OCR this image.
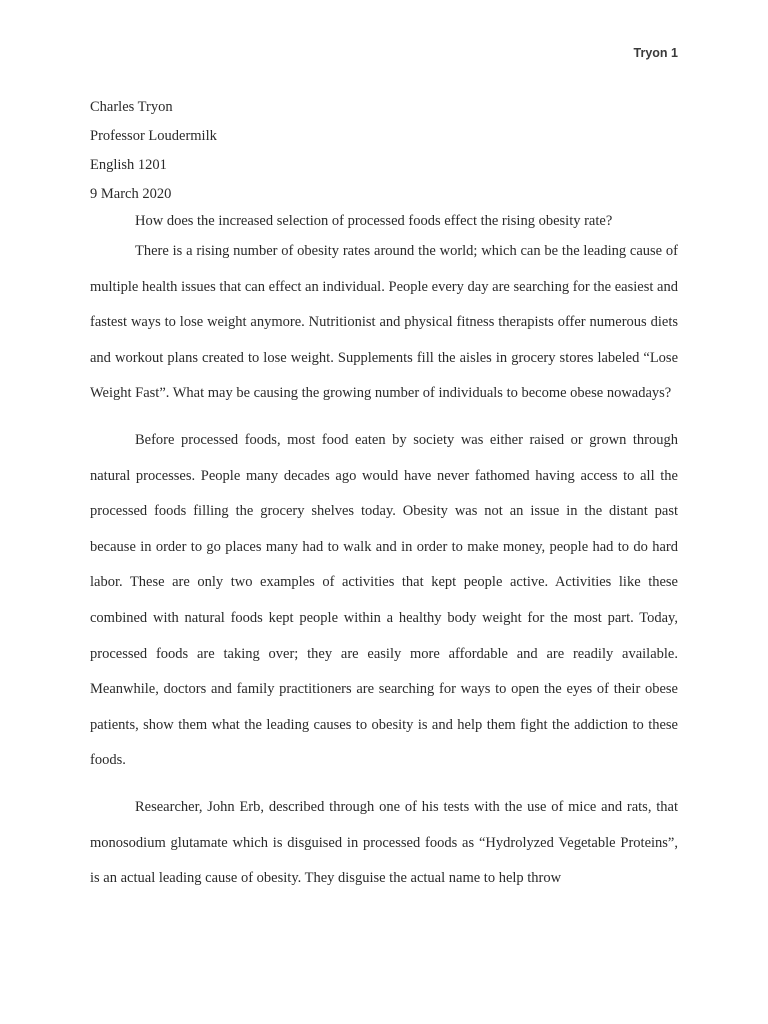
Tryon 1
Charles Tryon
Professor Loudermilk
English 1201
9 March 2020
How does the increased selection of processed foods effect the rising obesity rate?

There is a rising number of obesity rates around the world; which can be the leading cause of multiple health issues that can effect an individual. People every day are searching for the easiest and fastest ways to lose weight anymore. Nutritionist and physical fitness therapists offer numerous diets and workout plans created to lose weight. Supplements fill the aisles in grocery stores labeled “Lose Weight Fast”. What may be causing the growing number of individuals to become obese nowadays?

Before processed foods, most food eaten by society was either raised or grown through natural processes. People many decades ago would have never fathomed having access to all the processed foods filling the grocery shelves today. Obesity was not an issue in the distant past because in order to go places many had to walk and in order to make money, people had to do hard labor. These are only two examples of activities that kept people active. Activities like these combined with natural foods kept people within a healthy body weight for the most part. Today, processed foods are taking over; they are easily more affordable and are readily available. Meanwhile, doctors and family practitioners are searching for ways to open the eyes of their obese patients, show them what the leading causes to obesity is and help them fight the addiction to these foods.

Researcher, John Erb, described through one of his tests with the use of mice and rats, that monosodium glutamate which is disguised in processed foods as “Hydrolyzed Vegetable Proteins”, is an actual leading cause of obesity. They disguise the actual name to help throw
